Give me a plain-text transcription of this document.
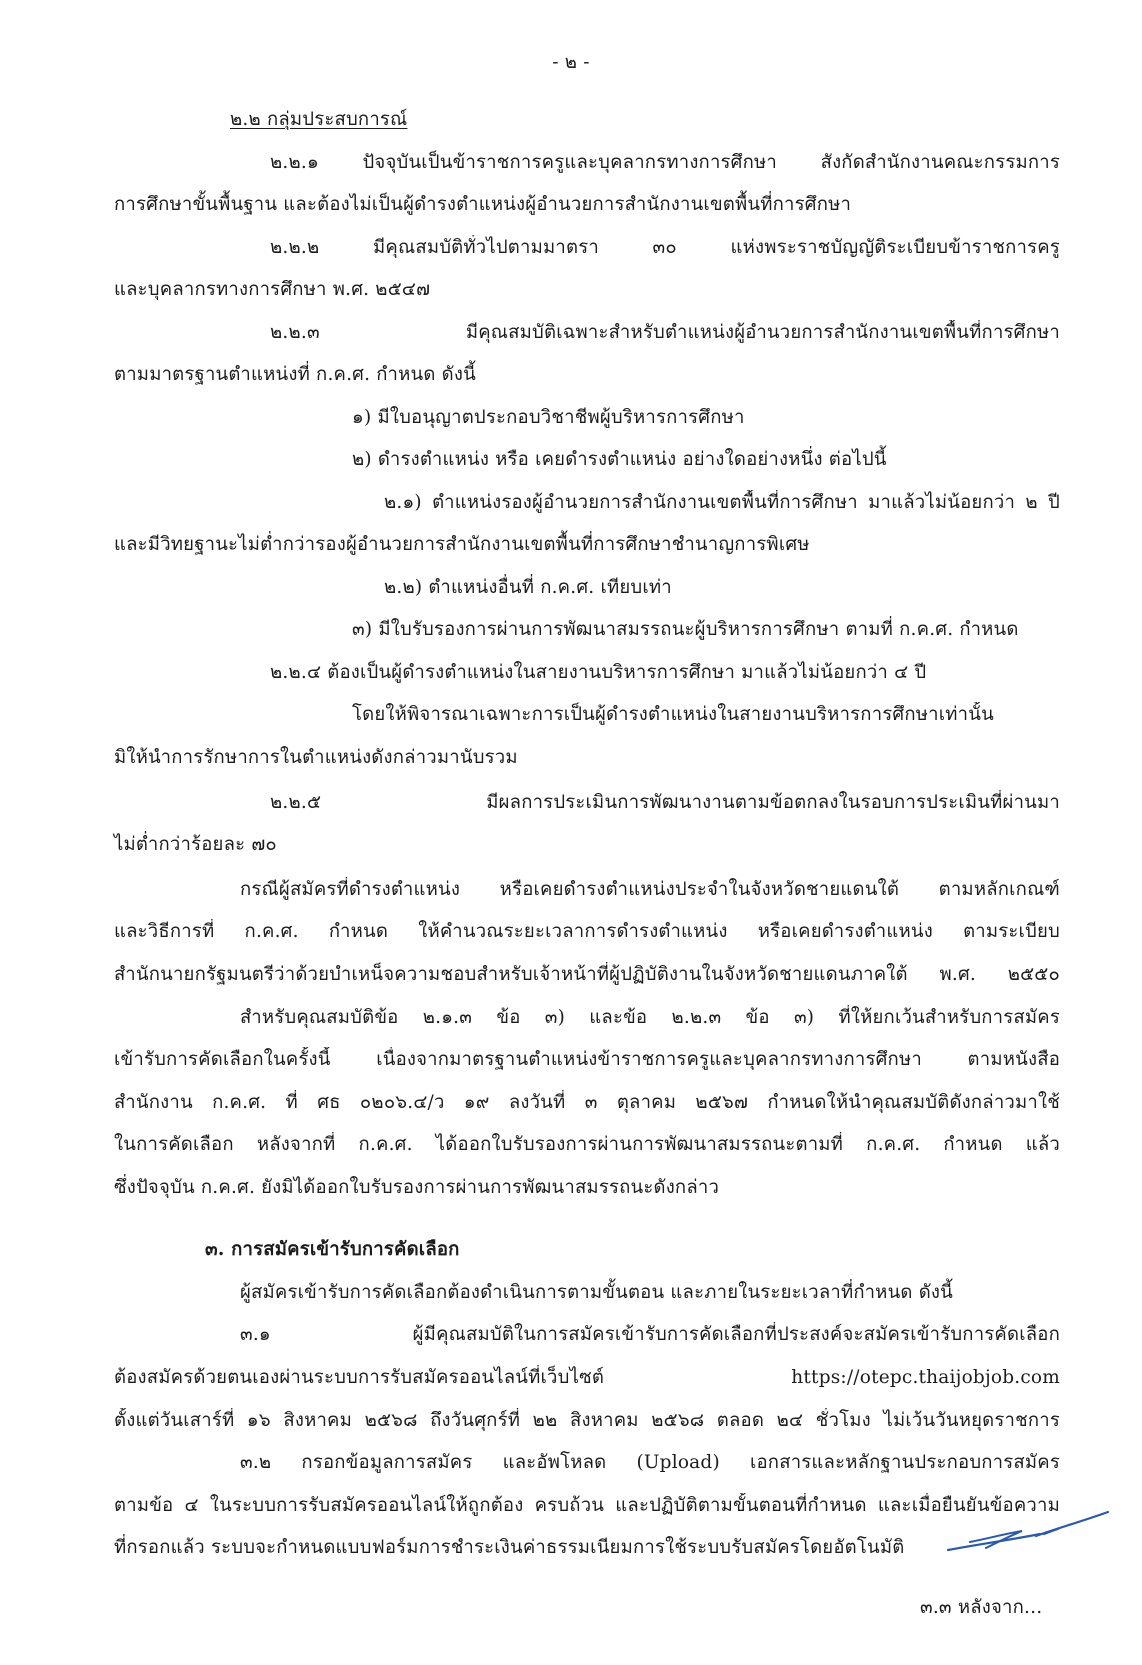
- ๒ -
๒.๒ กลุ่มประสบการณ์
๒.๒.๑ ปัจจุบันเป็นข้าราชการครูและบุคลากรทางการศึกษา สังกัดสำนักงานคณะกรรมการ
การศึกษาขั้นพื้นฐาน และต้องไม่เป็นผู้ดำรงตำแหน่งผู้อำนวยการสำนักงานเขตพื้นที่การศึกษา
๒.๒.๒ มีคุณสมบัติทั่วไปตามมาตรา ๓๐ แห่งพระราชบัญญัติระเบียบข้าราชการครู
และบุคลากรทางการศึกษา พ.ศ. ๒๕๔๗
๒.๒.๓ มีคุณสมบัติเฉพาะสำหรับตำแหน่งผู้อำนวยการสำนักงานเขตพื้นที่การศึกษา
ตามมาตรฐานตำแหน่งที่ ก.ค.ศ. กำหนด ดังนี้
๑) มีใบอนุญาตประกอบวิชาชีพผู้บริหารการศึกษา
๒) ดำรงตำแหน่ง หรือ เคยดำรงตำแหน่ง อย่างใดอย่างหนึ่ง ต่อไปนี้
๒.๑) ตำแหน่งรองผู้อำนวยการสำนักงานเขตพื้นที่การศึกษา มาแล้วไม่น้อยกว่า ๒ ปี
และมีวิทยฐานะไม่ต่ำกว่ารองผู้อำนวยการสำนักงานเขตพื้นที่การศึกษาชำนาญการพิเศษ
๒.๒) ตำแหน่งอื่นที่ ก.ค.ศ. เทียบเท่า
๓) มีใบรับรองการผ่านการพัฒนาสมรรถนะผู้บริหารการศึกษา ตามที่ ก.ค.ศ. กำหนด
๒.๒.๔ ต้องเป็นผู้ดำรงตำแหน่งในสายงานบริหารการศึกษา มาแล้วไม่น้อยกว่า ๔ ปี
โดยให้พิจารณาเฉพาะการเป็นผู้ดำรงตำแหน่งในสายงานบริหารการศึกษาเท่านั้น
มิให้นำการรักษาการในตำแหน่งดังกล่าวมานับรวม
๒.๒.๕ มีผลการประเมินการพัฒนางานตามข้อตกลงในรอบการประเมินที่ผ่านมา
ไม่ต่ำกว่าร้อยละ ๗๐
กรณีผู้สมัครที่ดำรงตำแหน่ง หรือเคยดำรงตำแหน่งประจำในจังหวัดชายแดนใต้ ตามหลักเกณฑ์
และวิธีการที่ ก.ค.ศ. กำหนด ให้คำนวณระยะเวลาการดำรงตำแหน่ง หรือเคยดำรงตำแหน่ง ตามระเบียบ
สำนักนายกรัฐมนตรีว่าด้วยบำเหน็จความชอบสำหรับเจ้าหน้าที่ผู้ปฏิบัติงานในจังหวัดชายแดนภาคใต้ พ.ศ. ๒๕๕๐
สำหรับคุณสมบัติข้อ ๒.๑.๓ ข้อ ๓) และข้อ ๒.๒.๓ ข้อ ๓) ที่ให้ยกเว้นสำหรับการสมัคร
เข้ารับการคัดเลือกในครั้งนี้ เนื่องจากมาตรฐานตำแหน่งข้าราชการครูและบุคลากรทางการศึกษา ตามหนังสือ
สำนักงาน ก.ค.ศ. ที่ ศธ ๐๒๐๖.๔/ว ๑๙ ลงวันที่ ๓ ตุลาคม ๒๕๖๗ กำหนดให้นำคุณสมบัติดังกล่าวมาใช้
ในการคัดเลือก หลังจากที่ ก.ค.ศ. ได้ออกใบรับรองการผ่านการพัฒนาสมรรถนะตามที่ ก.ค.ศ. กำหนด แล้ว
ซึ่งปัจจุบัน ก.ค.ศ. ยังมิได้ออกใบรับรองการผ่านการพัฒนาสมรรถนะดังกล่าว
๓. การสมัครเข้ารับการคัดเลือก
ผู้สมัครเข้ารับการคัดเลือกต้องดำเนินการตามขั้นตอน และภายในระยะเวลาที่กำหนด ดังนี้
๓.๑ ผู้มีคุณสมบัติในการสมัครเข้ารับการคัดเลือกที่ประสงค์จะสมัครเข้ารับการคัดเลือก
ต้องสมัครด้วยตนเองผ่านระบบการรับสมัครออนไลน์ที่เว็บไซต์ https://otepc.thaijobjob.com
ตั้งแต่วันเสาร์ที่ ๑๖ สิงหาคม ๒๕๖๘ ถึงวันศุกร์ที่ ๒๒ สิงหาคม ๒๕๖๘ ตลอด ๒๔ ชั่วโมง ไม่เว้นวันหยุดราชการ
๓.๒ กรอกข้อมูลการสมัคร และอัพโหลด (Upload) เอกสารและหลักฐานประกอบการสมัคร
ตามข้อ ๔ ในระบบการรับสมัครออนไลน์ให้ถูกต้อง ครบถ้วน และปฏิบัติตามขั้นตอนที่กำหนด และเมื่อยืนยันข้อความ
ที่กรอกแล้ว ระบบจะกำหนดแบบฟอร์มการชำระเงินค่าธรรมเนียมการใช้ระบบรับสมัครโดยอัตโนมัติ
๓.๓ หลังจาก...
